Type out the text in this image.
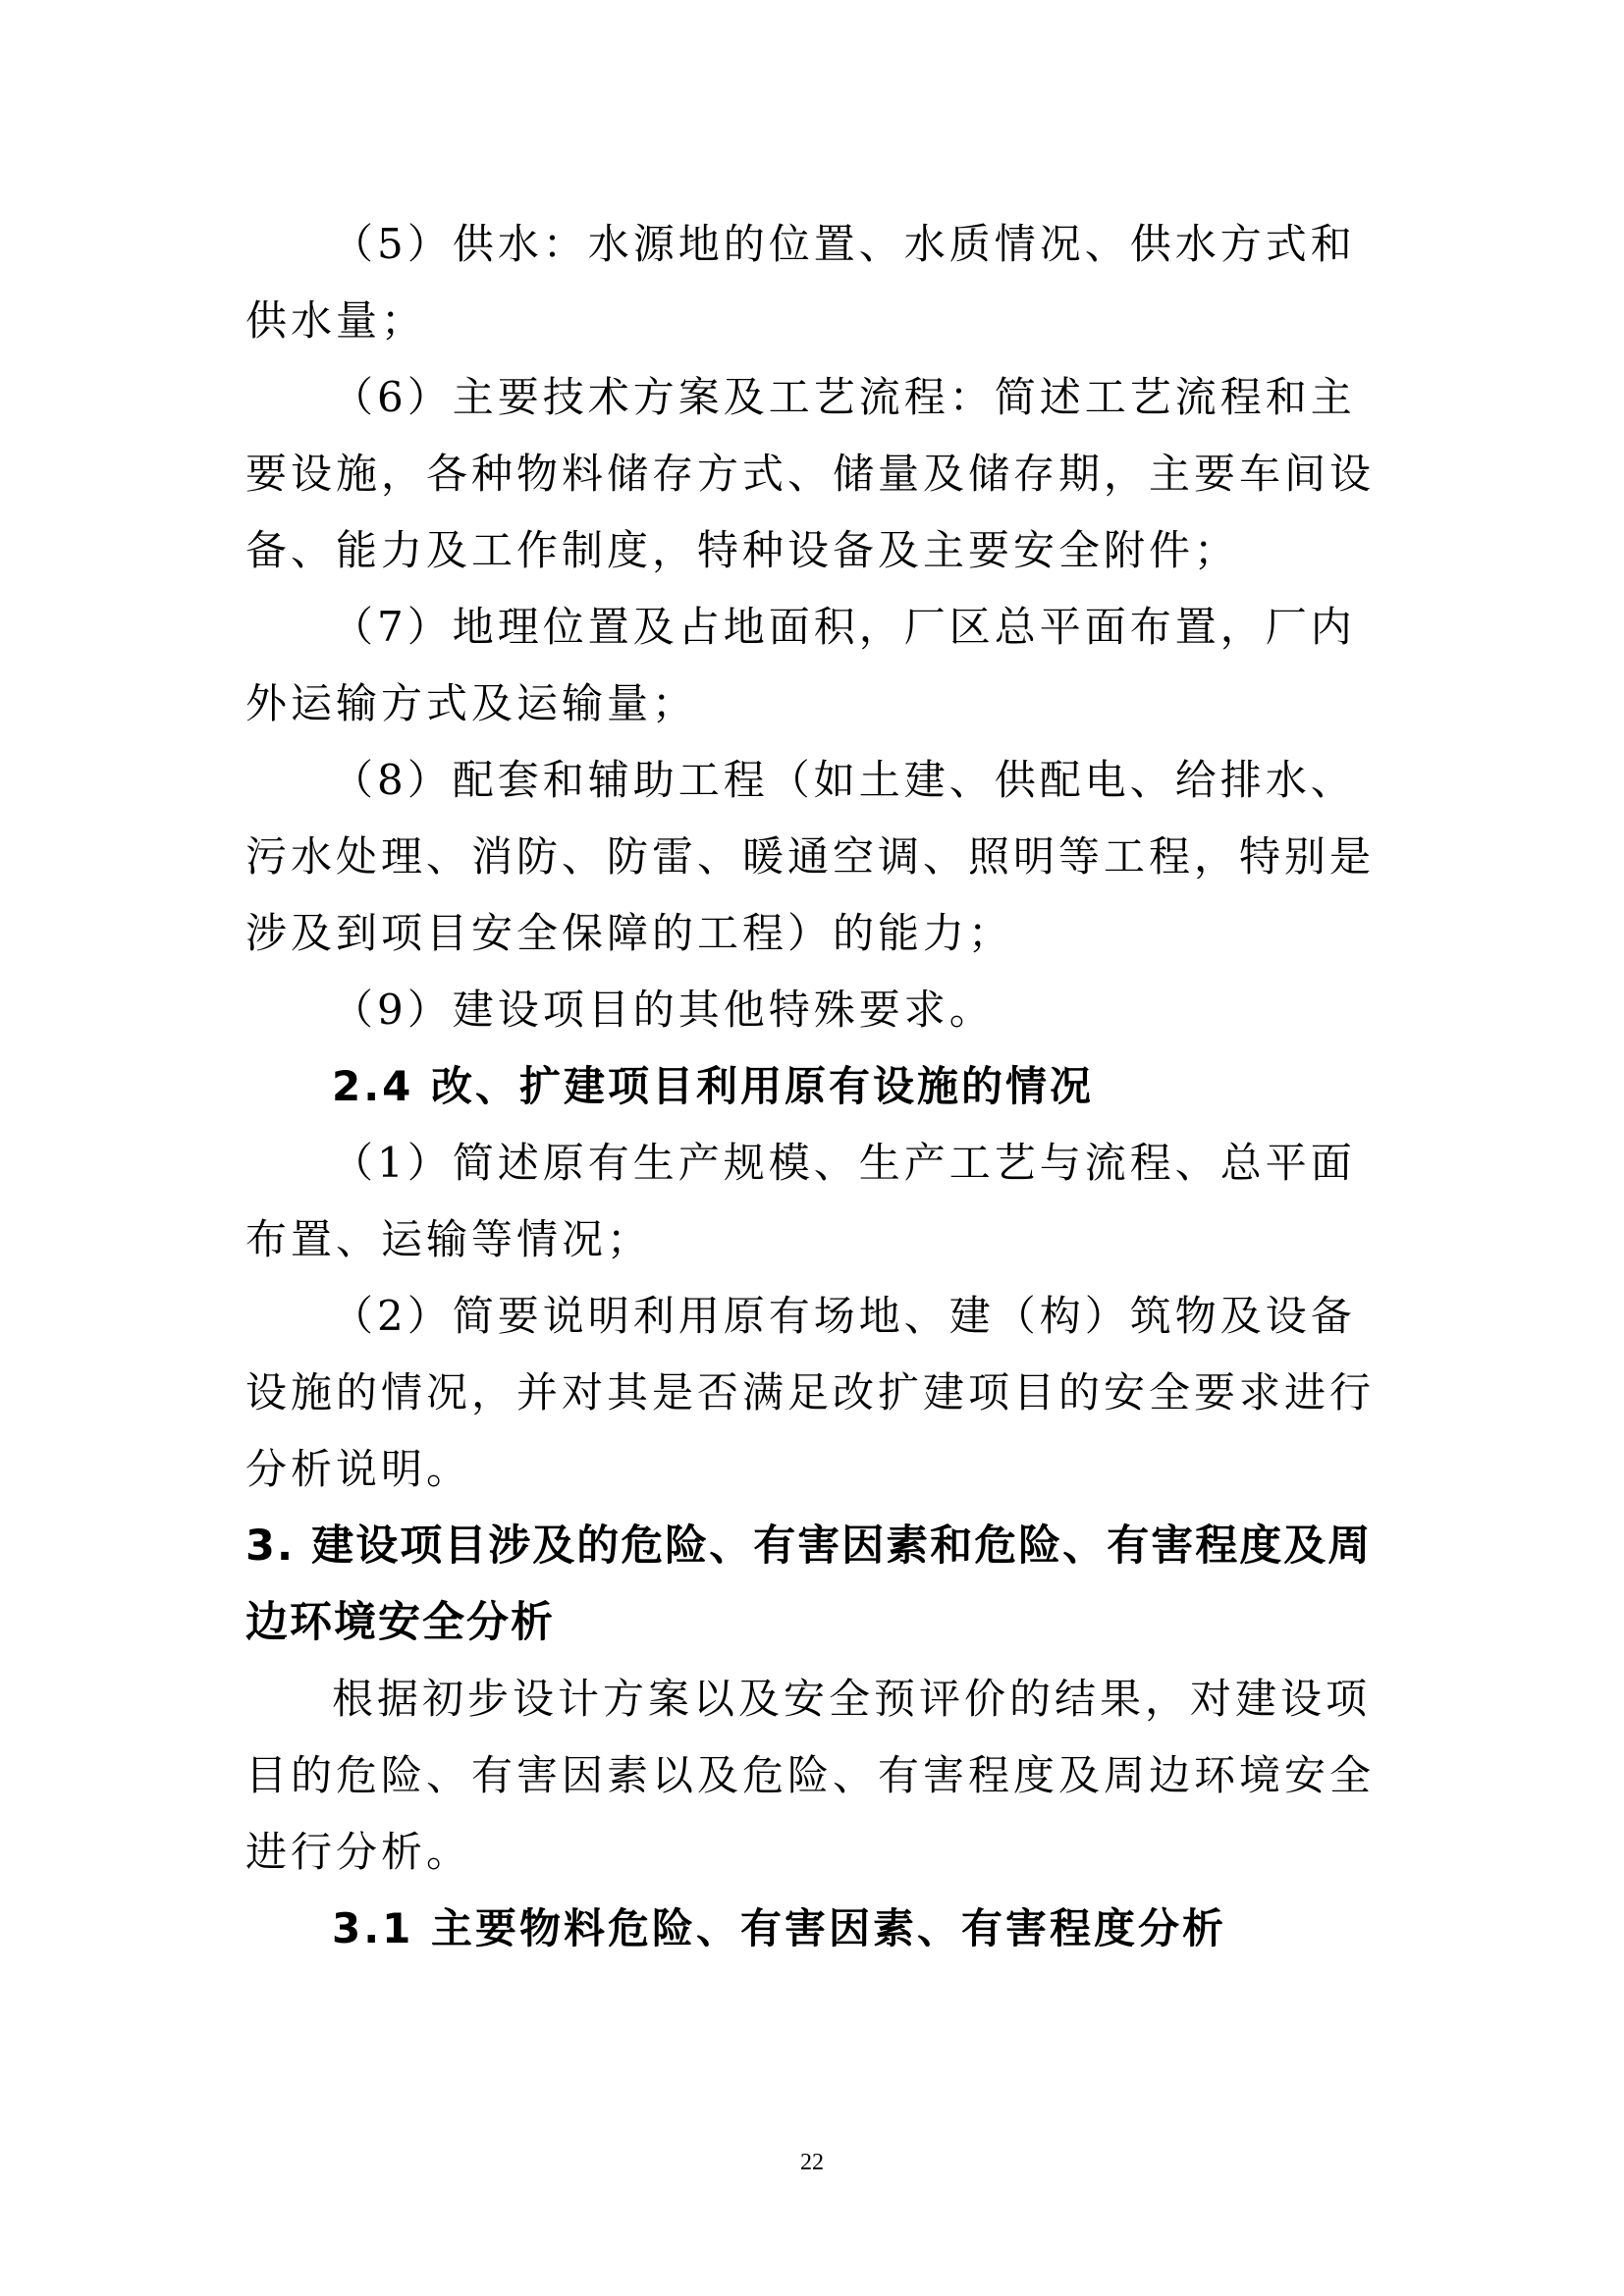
（5）供水：水源地的位置、水质情况、供水方式和供水量；

（6）主要技术方案及工艺流程：简述工艺流程和主要设施，各种物料储存方式、储量及储存期，主要车间设备、能力及工作制度，特种设备及主要安全附件；

（7）地理位置及占地面积，厂区总平面布置，厂内外运输方式及运输量；

（8）配套和辅助工程（如土建、供配电、给排水、污水处理、消防、防雷、暖通空调、照明等工程，特别是涉及到项目安全保障的工程）的能力；

（9）建设项目的其他特殊要求。

2.4 改、扩建项目利用原有设施的情况

（1）简述原有生产规模、生产工艺与流程、总平面布置、运输等情况；

（2）简要说明利用原有场地、建（构）筑物及设备设施的情况，并对其是否满足改扩建项目的安全要求进行分析说明。

3. 建设项目涉及的危险、有害因素和危险、有害程度及周边环境安全分析

根据初步设计方案以及安全预评价的结果，对建设项目的危险、有害因素以及危险、有害程度及周边环境安全进行分析。

3.1 主要物料危险、有害因素、有害程度分析
22
